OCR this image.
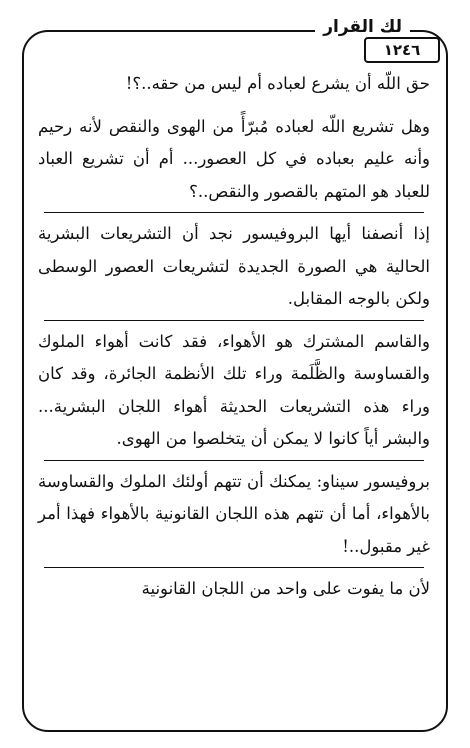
لك القرار
١٢٤٦

حق اللّه أن يشرع لعباده أم ليس من حقه..؟!

وهل تشريع اللّه لعباده مُبرّأً من الهوى والنقص لأنه رحيم وأنه عليم بعباده في كل العصور... أم أن تشريع العباد للعباد هو المتهم بالقصور والنقص..؟

إذا أنصفنا أيها البروفيسور نجد أن التشريعات البشرية الحالية هي الصورة الجديدة لتشريعات العصور الوسطى ولكن بالوجه المقابل.

والقاسم المشترك هو الأهواء، فقد كانت أهواء الملوك والقساوسة والظَّلَمة وراء تلك الأنظمة الجائرة، وقد كان وراء هذه التشريعات الحديثة أهواء اللجان البشرية... والبشر أياً كانوا لا يمكن أن يتخلصوا من الهوى.

بروفيسور سيناو: يمكنك أن تتهم أولئك الملوك والقساوسة بالأهواء، أما أن تتهم هذه اللجان القانونية بالأهواء فهذا أمر غير مقبول..!

لأن ما يفوت على واحد من اللجان القانونية
